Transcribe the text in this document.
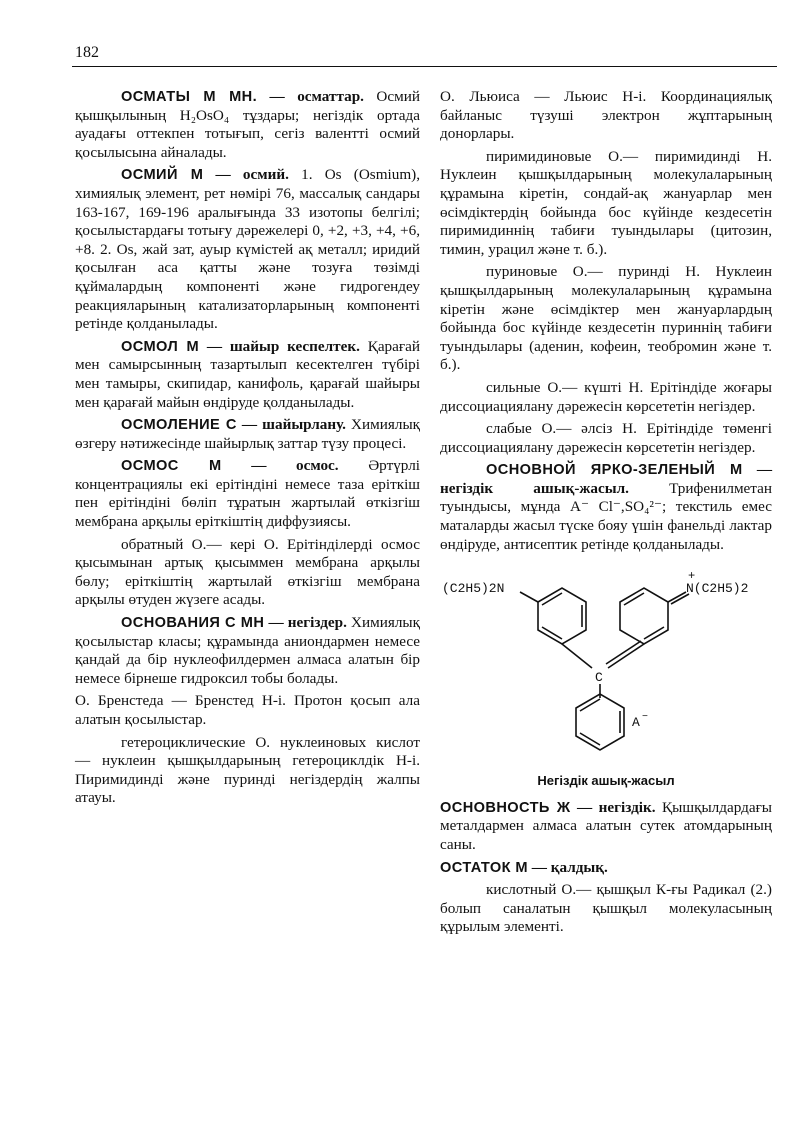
182

ОСМАТЫ М МН. — осматтар. Осмий қышқылының H₂OsO₄ тұздары; негіздік ортада ауадағы оттекпен тотығып, сегіз валентті осмий қосылысына айналады.

ОСМИЙ М — осмий. 1. Os (Osmium), химиялық элемент, рет нөмірі 76, массалық сандары 163-167, 169-196 аралығында 33 изотопы белгілі; қосылыстардағы тотығу дәрежелері 0, +2, +3, +4, +6, +8. 2. Os, жай зат, ауыр күмістей ақ металл; иридий қосылған аса қатты және тозуға төзімді құймалардың компоненті және гидрогендеу реакцияларының катализаторларының компоненті ретінде қолданылады.

ОСМОЛ М — шайыр кеспелтек. Қарағай мен самырсынның тазартылып кесектелген түбірі мен тамыры, скипидар, канифоль, қарағай шайыры мен қарағай майын өндіруде қолданылады.

ОСМОЛЕНИЕ С — шайырлану. Химиялық өзгеру нәтижесінде шайырлық заттар түзу процесі.

ОСМОС М — осмос. Әртүрлі концентрациялы екі ерітіндіні немесе таза еріткіш пен ерітіндіні бөліп тұратын жартылай өткізгіш мембрана арқылы еріткіштің диффузиясы.

обратный О.— кері О. Ерітінділерді осмос қысымынан артық қысыммен мембрана арқылы бөлу; еріткіштің жартылай өткізгіш мембрана арқылы өтуден жүзеге асады.

ОСНОВАНИЯ С МН — негіздер. Химиялық қосылыстар класы; құрамында аниондармен немесе қандай да бір нуклеофилдермен алмаса алатын бір немесе бірнеше гидроксил тобы болады.

О. Бренстеда — Бренстед Н-і. Протон қосып ала алатын қосылыстар.

гетероциклические О. нуклеиновых кислот — нуклеин қышқылдарының гетероциклдік Н-і. Пиримидинді және пуринді негіздердің жалпы атауы.

О. Льюиса — Льюис Н-і. Координациялық байланыс түзуші электрон жұптарының донорлары.

пиримидиновые О.— пиримидинді Н. Нуклеин қышқылдарының молекулаларының құрамына кіретін, сондай-ақ жануарлар мен өсімдіктердің бойында бос күйінде кездесетін пиримидиннің табиғи туындылары (цитозин, тимин, урацил және т. б.).

пуриновые О.— пуринді Н. Нуклеин қышқылдарының молекулаларының құрамына кіретін және өсімдіктер мен жануарлардың бойында бос күйінде кездесетін пуриннің табиғи туындылары (аденин, кофеин, теобромин және т. б.).

сильные О.— күшті Н. Ерітіндіде жоғары диссоциациялану дәрежесін көрсететін негіздер.

слабые О.— әлсіз Н. Ерітіндіде төменгі диссоциациялану дәрежесін көрсететін негіздер.

ОСНОВНОЙ ЯРКО-ЗЕЛЕНЫЙ М — негіздік ашық-жасыл.	Трифенилметан туындысы, мұнда A⁻ Cl⁻,SO₄²⁻; текстиль емес маталарды жасыл түске бояу үшін фанельді лактар өндіруде, антисептик ретінде қолданылады.

(C2H5)2N	N(C2H5)2
+
C
A −
Негіздік ашық-жасыл

ОСНОВНОСТЬ Ж — негіздік. Қышқылдардағы металдармен алмаса алатын сутек атомдарының саны.

ОСТАТОК М — қалдық.

кислотный О.— қышқыл К-ғы Радикал (2.) болып саналатын қышқыл молекуласының құрылым элементі.
